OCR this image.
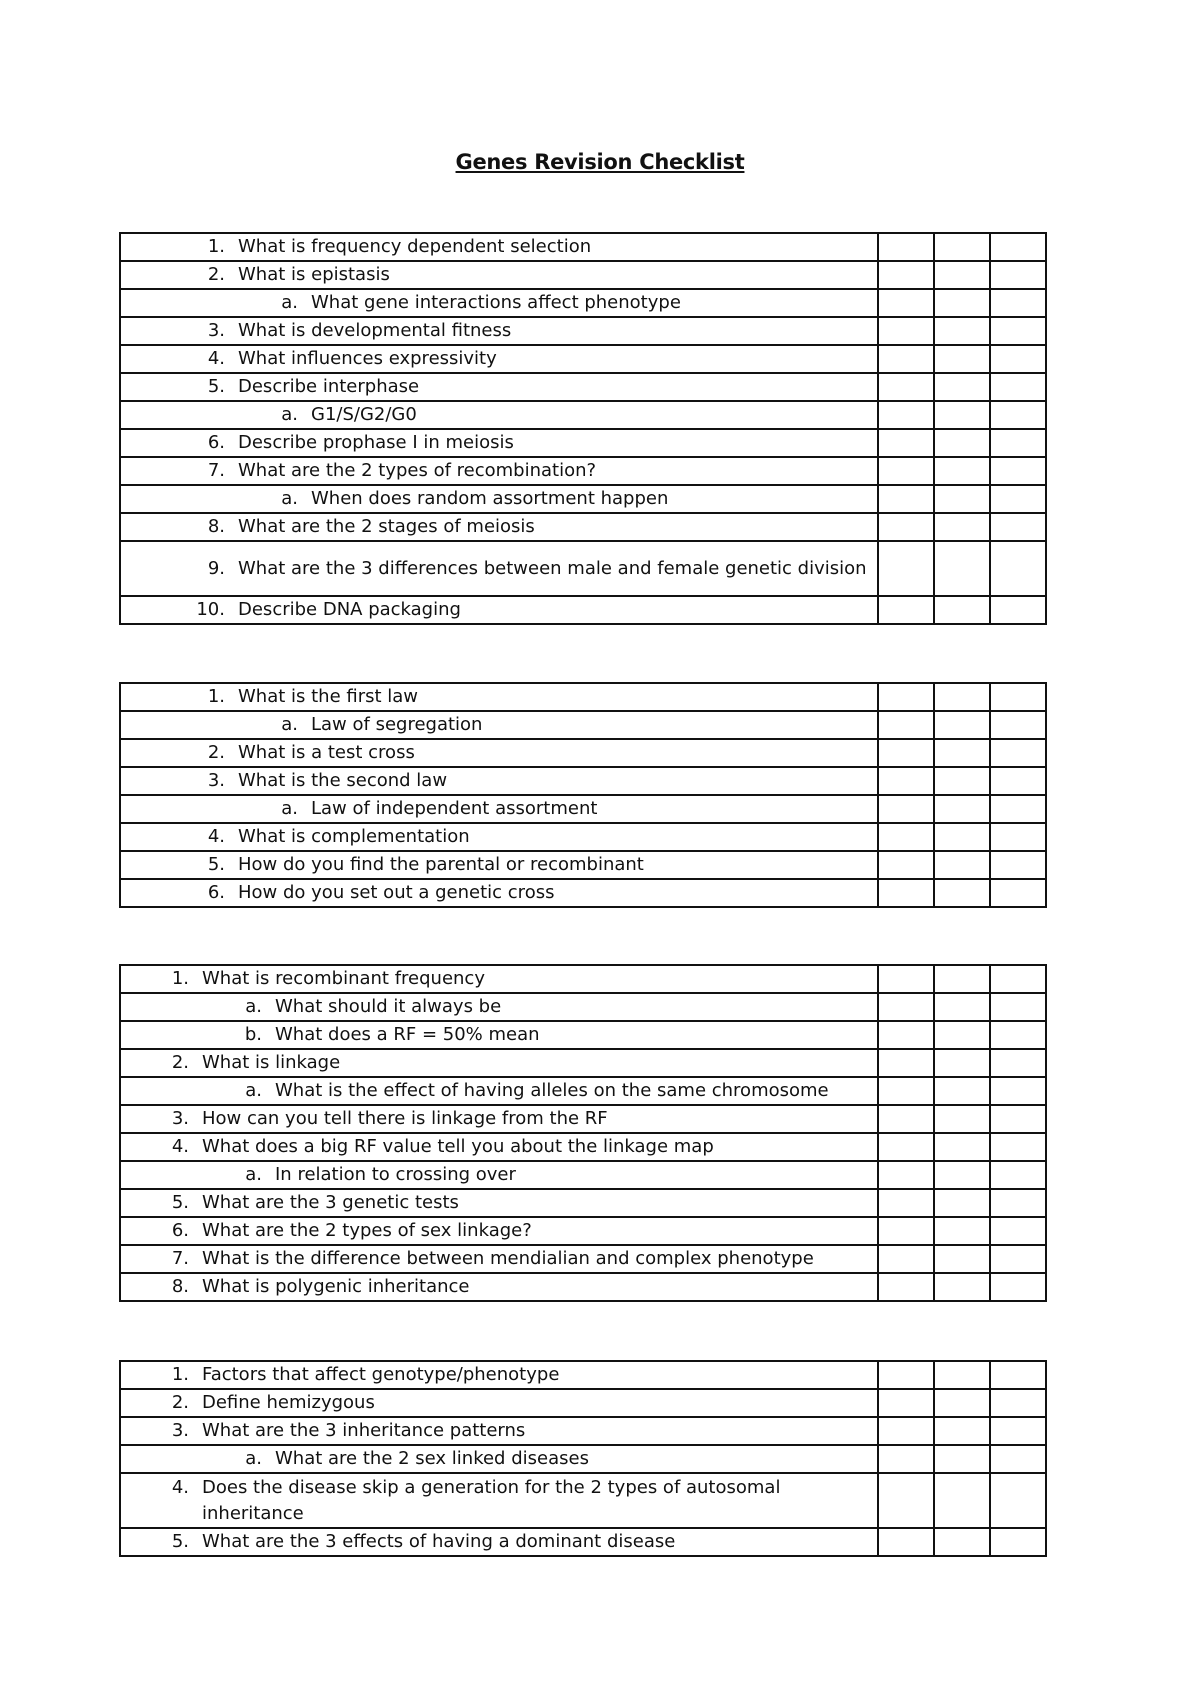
Genes Revision Checklist
1. What is frequency dependent selection			

2. What is epistasis			

a. What gene interactions affect phenotype			

3. What is developmental fitness			

4. What influences expressivity			

5. Describe interphase			

a. G1/S/G2/G0			

6. Describe prophase I in meiosis			

7. What are the 2 types of recombination?			

a. When does random assortment happen			

8. What are the 2 stages of meiosis			

9. What are the 3 differences between male and female genetic division			

10. Describe DNA packaging			

1. What is the first law			

a. Law of segregation			

2. What is a test cross			

3. What is the second law			

a. Law of independent assortment			

4. What is complementation			

5. How do you find the parental or recombinant			

6. How do you set out a genetic cross			

1. What is recombinant frequency			

a. What should it always be			

b. What does a RF = 50% mean			

2. What is linkage			

a. What is the effect of having alleles on the same chromosome			

3. How can you tell there is linkage from the RF			

4. What does a big RF value tell you about the linkage map			

a. In relation to crossing over			

5. What are the 3 genetic tests			

6. What are the 2 types of sex linkage?			

7. What is the difference between mendialian and complex phenotype			

8. What is polygenic inheritance			

1. Factors that affect genotype/phenotype			

2. Define hemizygous			

3. What are the 3 inheritance patterns			

a. What are the 2 sex linked diseases			

4. Does the disease skip a generation for the 2 types of autosomal inheritance			

5. What are the 3 effects of having a dominant disease			
